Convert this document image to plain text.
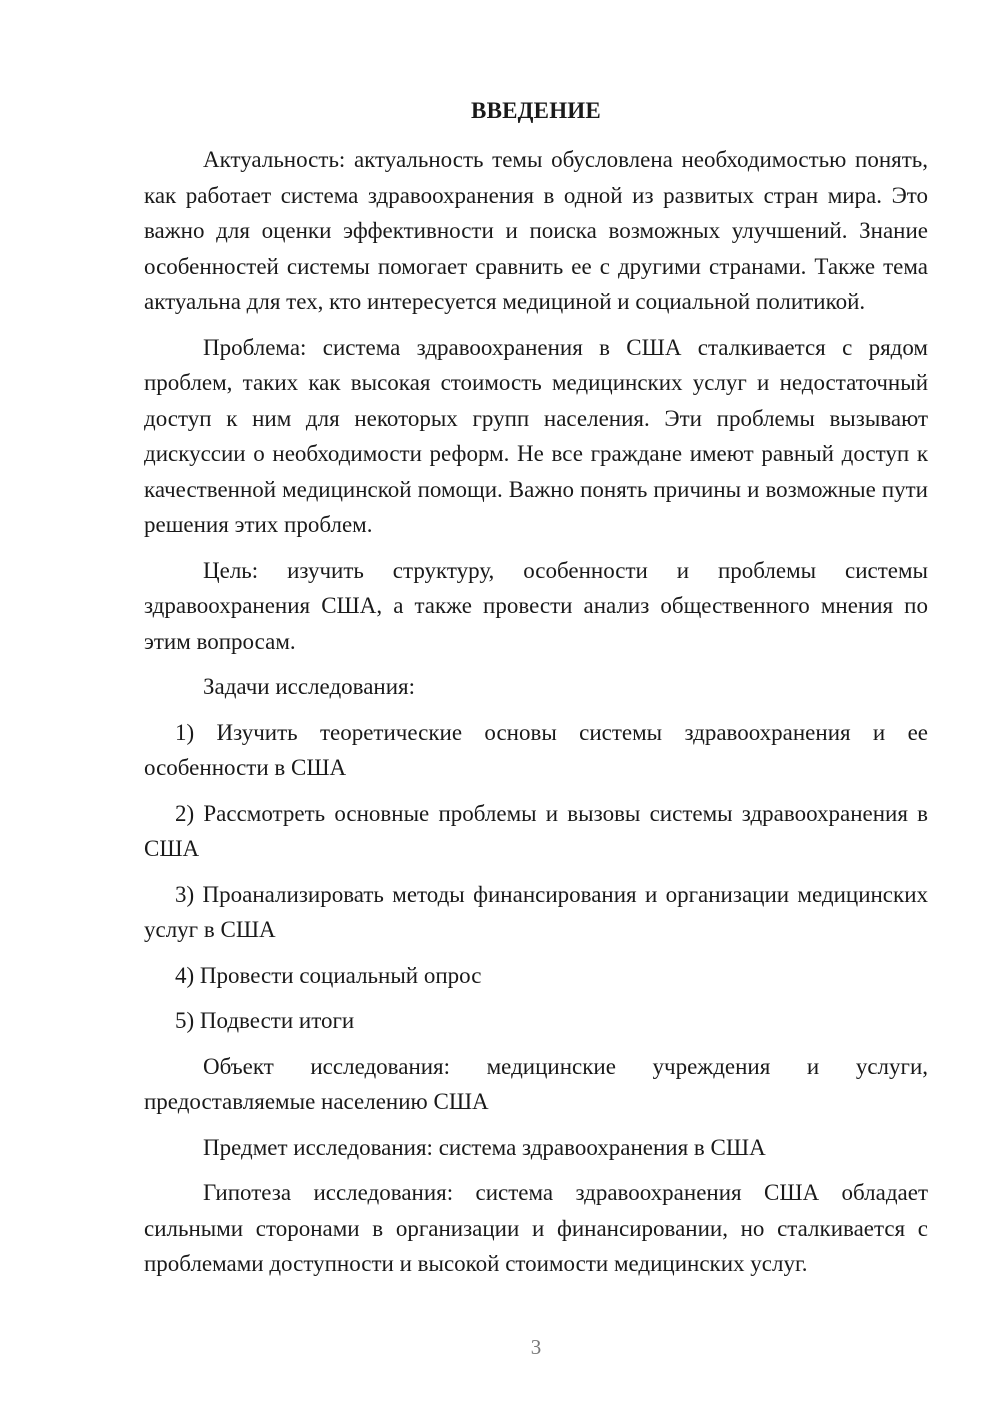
ВВЕДЕНИЕ

Актуальность: актуальность темы обусловлена необходимостью понять, как работает система здравоохранения в одной из развитых стран мира. Это важно для оценки эффективности и поиска возможных улучшений. Знание особенностей системы помогает сравнить ее с другими странами. Также тема актуальна для тех, кто интересуется медициной и социальной политикой.

Проблема: система здравоохранения в США сталкивается с рядом проблем, таких как высокая стоимость медицинских услуг и недостаточный доступ к ним для некоторых групп населения. Эти проблемы вызывают дискуссии о необходимости реформ. Не все граждане имеют равный доступ к качественной медицинской помощи. Важно понять причины и возможные пути решения этих проблем.

Цель: изучить структуру, особенности и проблемы системы здравоохранения США, а также провести анализ общественного мнения по этим вопросам.

Задачи исследования:

1) Изучить теоретические основы системы здравоохранения и ее особенности в США

2) Рассмотреть основные проблемы и вызовы системы здравоохранения в США

3) Проанализировать методы финансирования и организации медицинских услуг в США

4) Провести социальный опрос

5) Подвести итоги

Объект исследования: медицинские учреждения и услуги, предоставляемые населению США

Предмет исследования: система здравоохранения в США

Гипотеза исследования: система здравоохранения США обладает сильными сторонами в организации и финансировании, но сталкивается с проблемами доступности и высокой стоимости медицинских услуг.

3
